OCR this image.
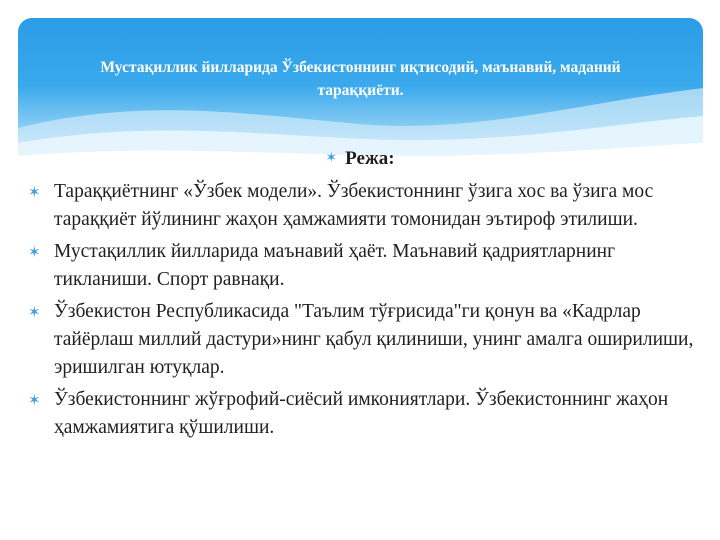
Мустақиллик йилларида Ўзбекистоннинг иқтисодий, маънавий, маданий тараққиёти.
✶ Режа:
✶ Тараққиётнинг «Ўзбек модели». Ўзбекистоннинг ўзига хос ва ўзига мос тараққиёт йўлининг жаҳон ҳамжамияти томонидан эътироф этилиши.
✶ Мустақиллик йилларида маънавий ҳаёт. Маънавий қадриятларнинг тикланиши. Спорт равнақи.
✶ Ўзбекистон Республикасида "Таълим тўғрисида"ги қонун ва «Кадрлар тайёрлаш миллий дастури»нинг қабул қилиниши, унинг амалга оширилиши, эришилган ютуқлар.
✶ Ўзбекистоннинг жўғрофий-сиёсий имкониятлари. Ўзбекистоннинг жаҳон ҳамжамиятига қўшилиши.
